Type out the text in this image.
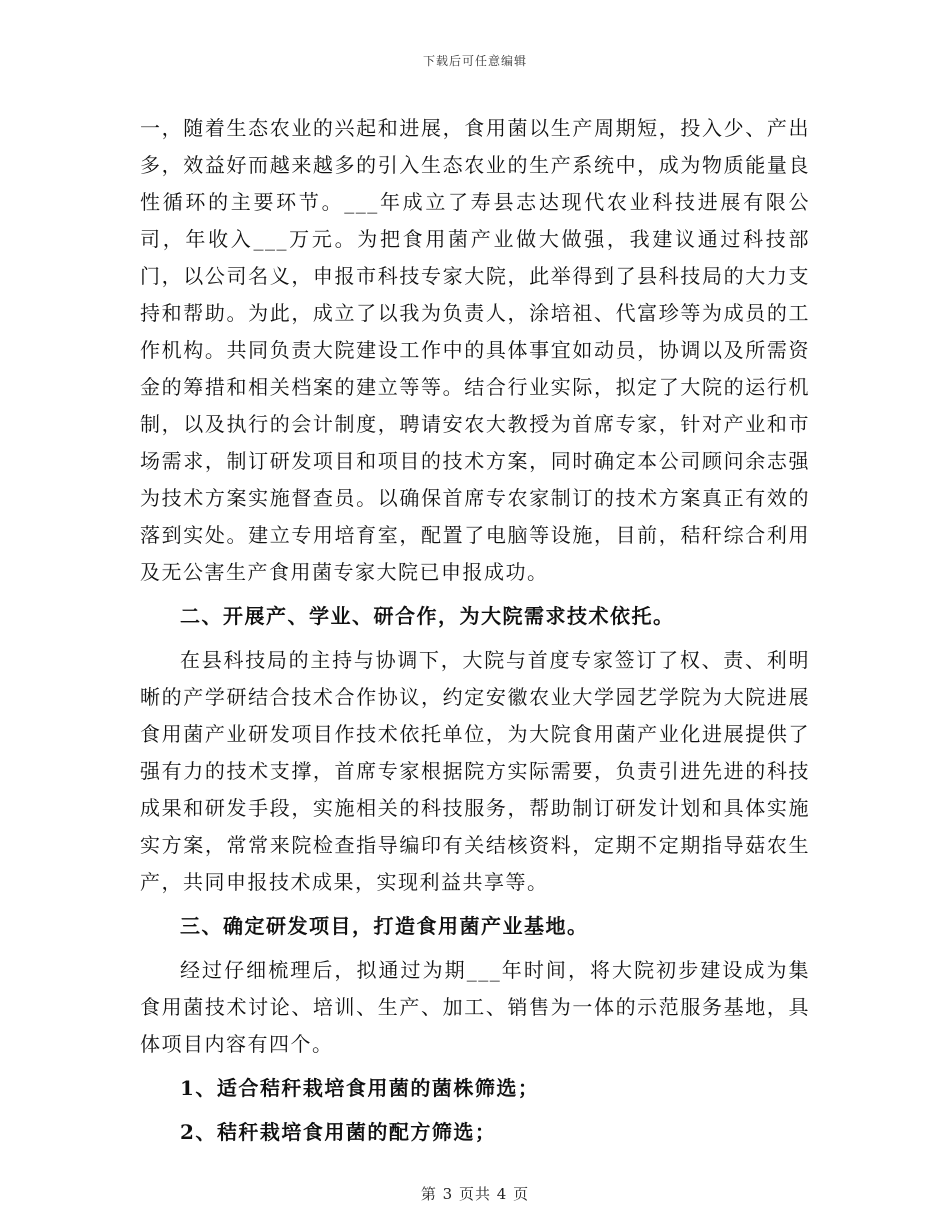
下载后可任意编辑

一，随着生态农业的兴起和进展，食用菌以生产周期短，投入少、产出多，效益好而越来越多的引入生态农业的生产系统中，成为物质能量良性循环的主要环节。___年成立了寿县志达现代农业科技进展有限公司，年收入___万元。为把食用菌产业做大做强，我建议通过科技部门，以公司名义，申报市科技专家大院，此举得到了县科技局的大力支持和帮助。为此，成立了以我为负责人，涂培祖、代富珍等为成员的工作机构。共同负责大院建设工作中的具体事宜如动员，协调以及所需资金的筹措和相关档案的建立等等。结合行业实际，拟定了大院的运行机制，以及执行的会计制度，聘请安农大教授为首席专家，针对产业和市场需求，制订研发项目和项目的技术方案，同时确定本公司顾问余志强为技术方案实施督查员。以确保首席专农家制订的技术方案真正有效的落到实处。建立专用培育室，配置了电脑等设施，目前，秸秆综合利用及无公害生产食用菌专家大院已申报成功。

二、开展产、学业、研合作，为大院需求技术依托。

在县科技局的主持与协调下，大院与首度专家签订了权、责、利明晰的产学研结合技术合作协议，约定安徽农业大学园艺学院为大院进展食用菌产业研发项目作技术依托单位，为大院食用菌产业化进展提供了强有力的技术支撑，首席专家根据院方实际需要，负责引进先进的科技成果和研发手段，实施相关的科技服务，帮助制订研发计划和具体实施实方案，常常来院检查指导编印有关结核资料，定期不定期指导菇农生产，共同申报技术成果，实现利益共享等。

三、确定研发项目，打造食用菌产业基地。

经过仔细梳理后，拟通过为期___年时间，将大院初步建设成为集食用菌技术讨论、培训、生产、加工、销售为一体的示范服务基地，具体项目内容有四个。

1、适合秸秆栽培食用菌的菌株筛选；

2、秸秆栽培食用菌的配方筛选；

第 3 页共 4 页
